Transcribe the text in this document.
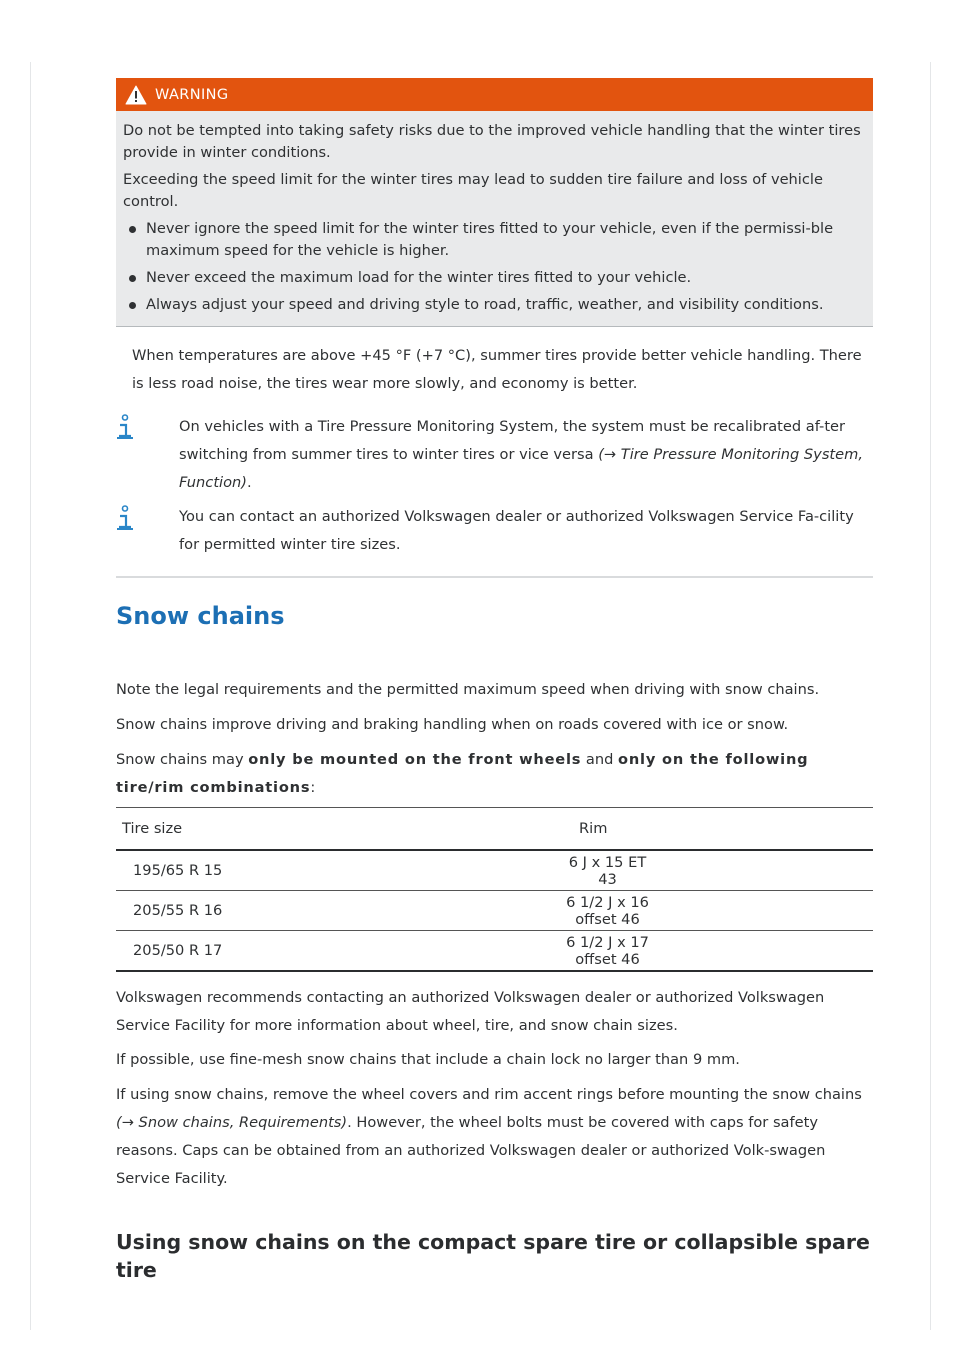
WARNING

Do not be tempted into taking safety risks due to the improved vehicle handling that the winter tires provide in winter conditions.

Exceeding the speed limit for the winter tires may lead to sudden tire failure and loss of vehicle control.

Never ignore the speed limit for the winter tires fitted to your vehicle, even if the permissi-ble maximum speed for the vehicle is higher.
Never exceed the maximum load for the winter tires fitted to your vehicle.
Always adjust your speed and driving style to road, traffic, weather, and visibility conditions.
When temperatures are above +45 °F (+7 °C), summer tires provide better vehicle handling. There is less road noise, the tires wear more slowly, and economy is better.
On vehicles with a Tire Pressure Monitoring System, the system must be recalibrated af-ter switching from summer tires to winter tires or vice versa (→ Tire Pressure Monitoring System, Function).
You can contact an authorized Volkswagen dealer or authorized Volkswagen Service Fa-cility for permitted winter tire sizes.
Snow chains
Note the legal requirements and the permitted maximum speed when driving with snow chains.
Snow chains improve driving and braking handling when on roads covered with ice or snow.
Snow chains may only be mounted on the front wheels and only on the following tire/rim combinations:
Tire size	Rim
195/65 R 15	6 J x 15 ET 43
205/55 R 16	6 1/2 J x 16 offset 46
205/50 R 17	6 1/2 J x 17 offset 46
Volkswagen recommends contacting an authorized Volkswagen dealer or authorized Volkswagen Service Facility for more information about wheel, tire, and snow chain sizes.
If possible, use fine-mesh snow chains that include a chain lock no larger than 9 mm.
If using snow chains, remove the wheel covers and rim accent rings before mounting the snow chains (→ Snow chains, Requirements). However, the wheel bolts must be covered with caps for safety reasons. Caps can be obtained from an authorized Volkswagen dealer or authorized Volk-swagen Service Facility.
Using snow chains on the compact spare tire or collapsible spare tire
